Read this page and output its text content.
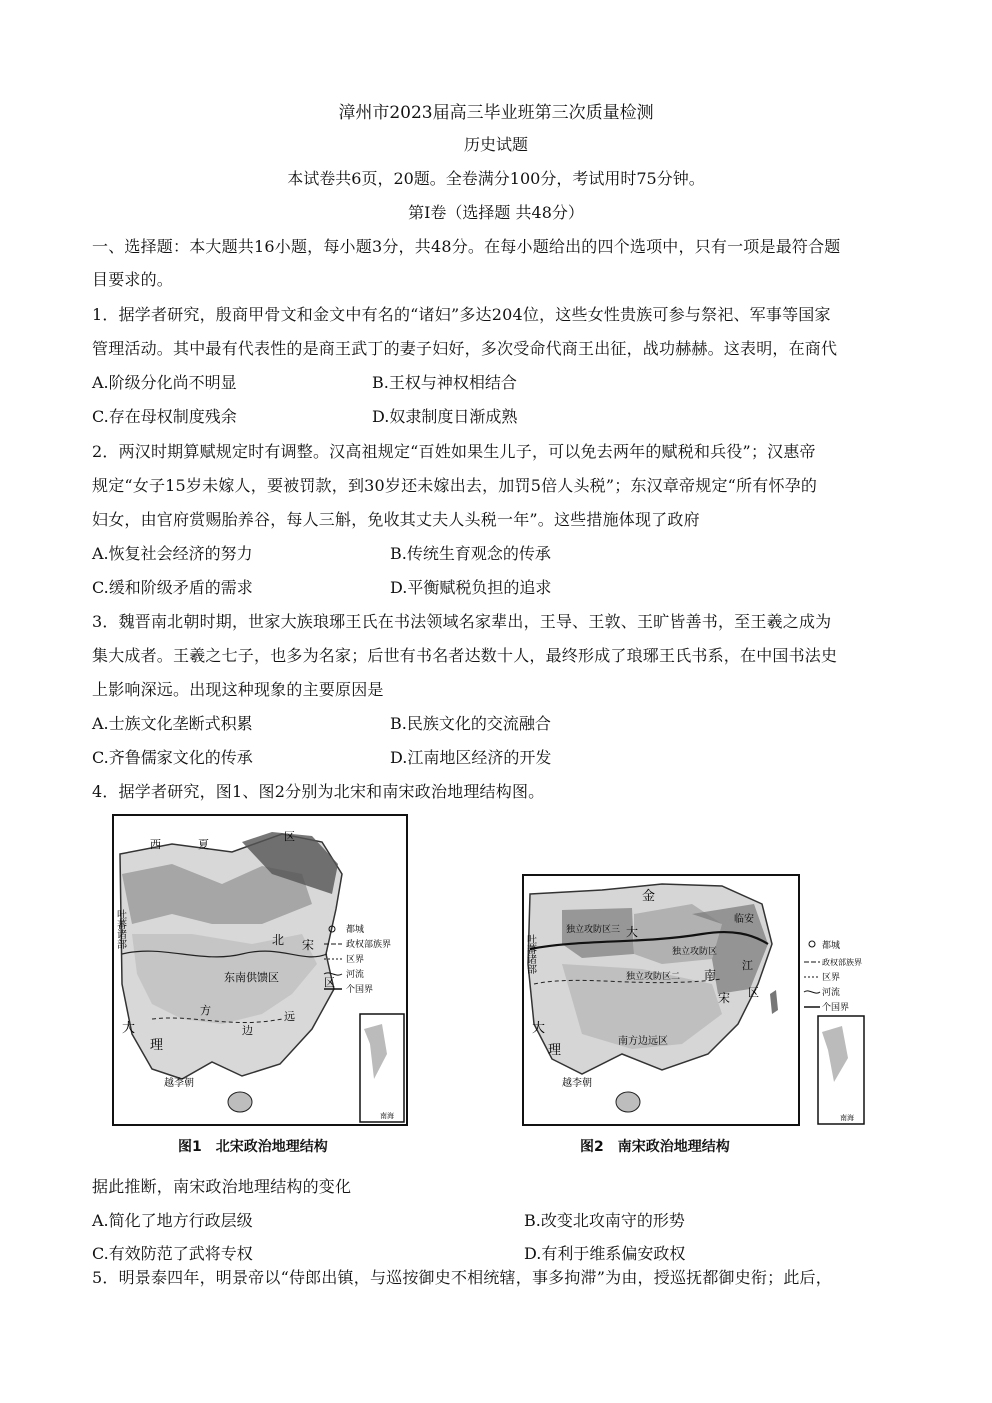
漳州市2023届高三毕业班第三次质量检测
历史试题
本试卷共6页，20题。全卷满分100分，考试用时75分钟。
第I卷（选择题 共48分）
一、选择题：本大题共16小题，每小题3分，共48分。在每小题给出的四个选项中，只有一项是最符合题
目要求的。
1．据学者研究，殷商甲骨文和金文中有名的“诸妇”多达204位，这些女性贵族可参与祭祀、军事等国家
管理活动。其中最有代表性的是商王武丁的妻子妇好，多次受命代商王出征，战功赫赫。这表明，在商代
A.阶级分化尚不明显	B.王权与神权相结合
C.存在母权制度残余	D.奴隶制度日渐成熟
2．两汉时期算赋规定时有调整。汉高祖规定“百姓如果生儿子，可以免去两年的赋税和兵役”；汉惠帝
规定“女子15岁未嫁人，要被罚款，到30岁还未嫁出去，加罚5倍人头税”；东汉章帝规定“所有怀孕的
妇女，由官府赏赐胎养谷，每人三斛，免收其丈夫人头税一年”。这些措施体现了政府
A.恢复社会经济的努力	B.传统生育观念的传承
C.缓和阶级矛盾的需求	D.平衡赋税负担的追求
3．魏晋南北朝时期，世家大族琅琊王氏在书法领域名家辈出，王导、王敦、王旷皆善书，至王羲之成为
集大成者。王羲之七子，也多为名家；后世有书名者达数十人，最终形成了琅琊王氏书系，在中国书法史
上影响深远。出现这种现象的主要原因是
A.士族文化垄断式积累	B.民族文化的交流融合
C.齐鲁儒家文化的传承	D.江南地区经济的开发
4．据学者研究，图1、图2分别为北宋和南宋政治地理结构图。
西	夏
区
吐蕃诸部	北 宋
东南供馈区
方
边
远
区
大
理
越李朝
都城
政权部族界
区界
河流
个国界
南海
图1　北宋政治地理结构
金
临安
吐蕃诸部
独立攻防区三 大
独立攻防区二
独立攻防区
南
宋
江
区
南方边远区
大
理
越李朝
都城
政权部族界
区界
河流
个国界
南海
图2　南宋政治地理结构
据此推断，南宋政治地理结构的变化
A.简化了地方行政层级	B.改变北攻南守的形势
C.有效防范了武将专权	D.有利于维系偏安政权
5．明景泰四年，明景帝以“侍郎出镇，与巡按御史不相统辖，事多拘滞”为由，授巡抚都御史衔；此后，
